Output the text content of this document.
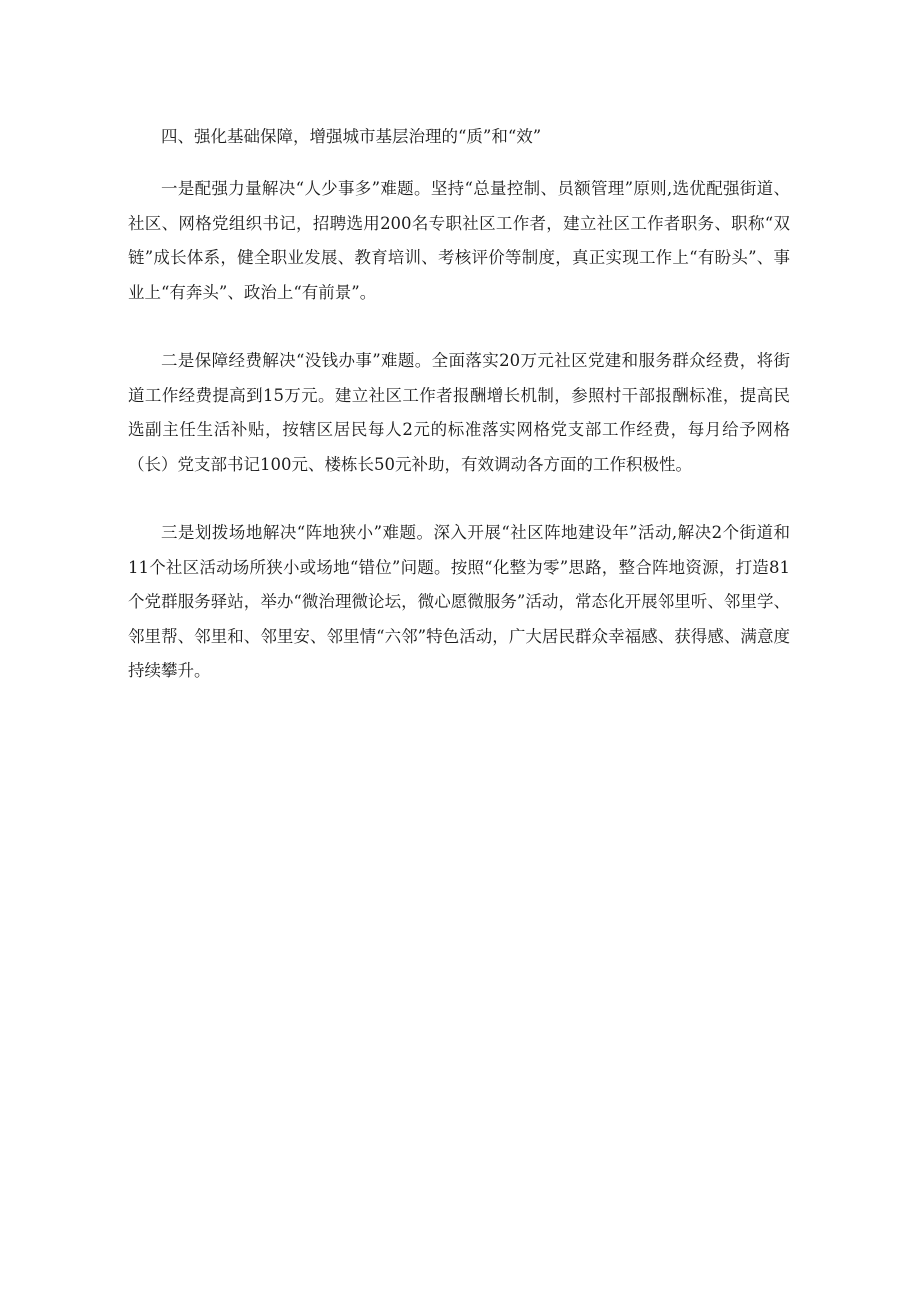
四、强化基础保障，增强城市基层治理的“质”和“效”

一是配强力量解决“人少事多”难题。坚持“总量控制、员额管理”原则,选优配强街道、社区、网格党组织书记，招聘选用200名专职社区工作者，建立社区工作者职务、职称“双链”成长体系，健全职业发展、教育培训、考核评价等制度，真正实现工作上“有盼头”、事业上“有奔头”、政治上“有前景”。

二是保障经费解决“没钱办事”难题。全面落实20万元社区党建和服务群众经费，将街道工作经费提高到15万元。建立社区工作者报酬增长机制，参照村干部报酬标准，提高民选副主任生活补贴，按辖区居民每人2元的标准落实网格党支部工作经费，每月给予网格（长）党支部书记100元、楼栋长50元补助，有效调动各方面的工作积极性。

三是划拨场地解决“阵地狭小”难题。深入开展“社区阵地建设年”活动,解决2个街道和11个社区活动场所狭小或场地“错位”问题。按照“化整为零”思路，整合阵地资源，打造81个党群服务驿站，举办“微治理微论坛，微心愿微服务”活动，常态化开展邻里听、邻里学、邻里帮、邻里和、邻里安、邻里情“六邻”特色活动，广大居民群众幸福感、获得感、满意度持续攀升。
